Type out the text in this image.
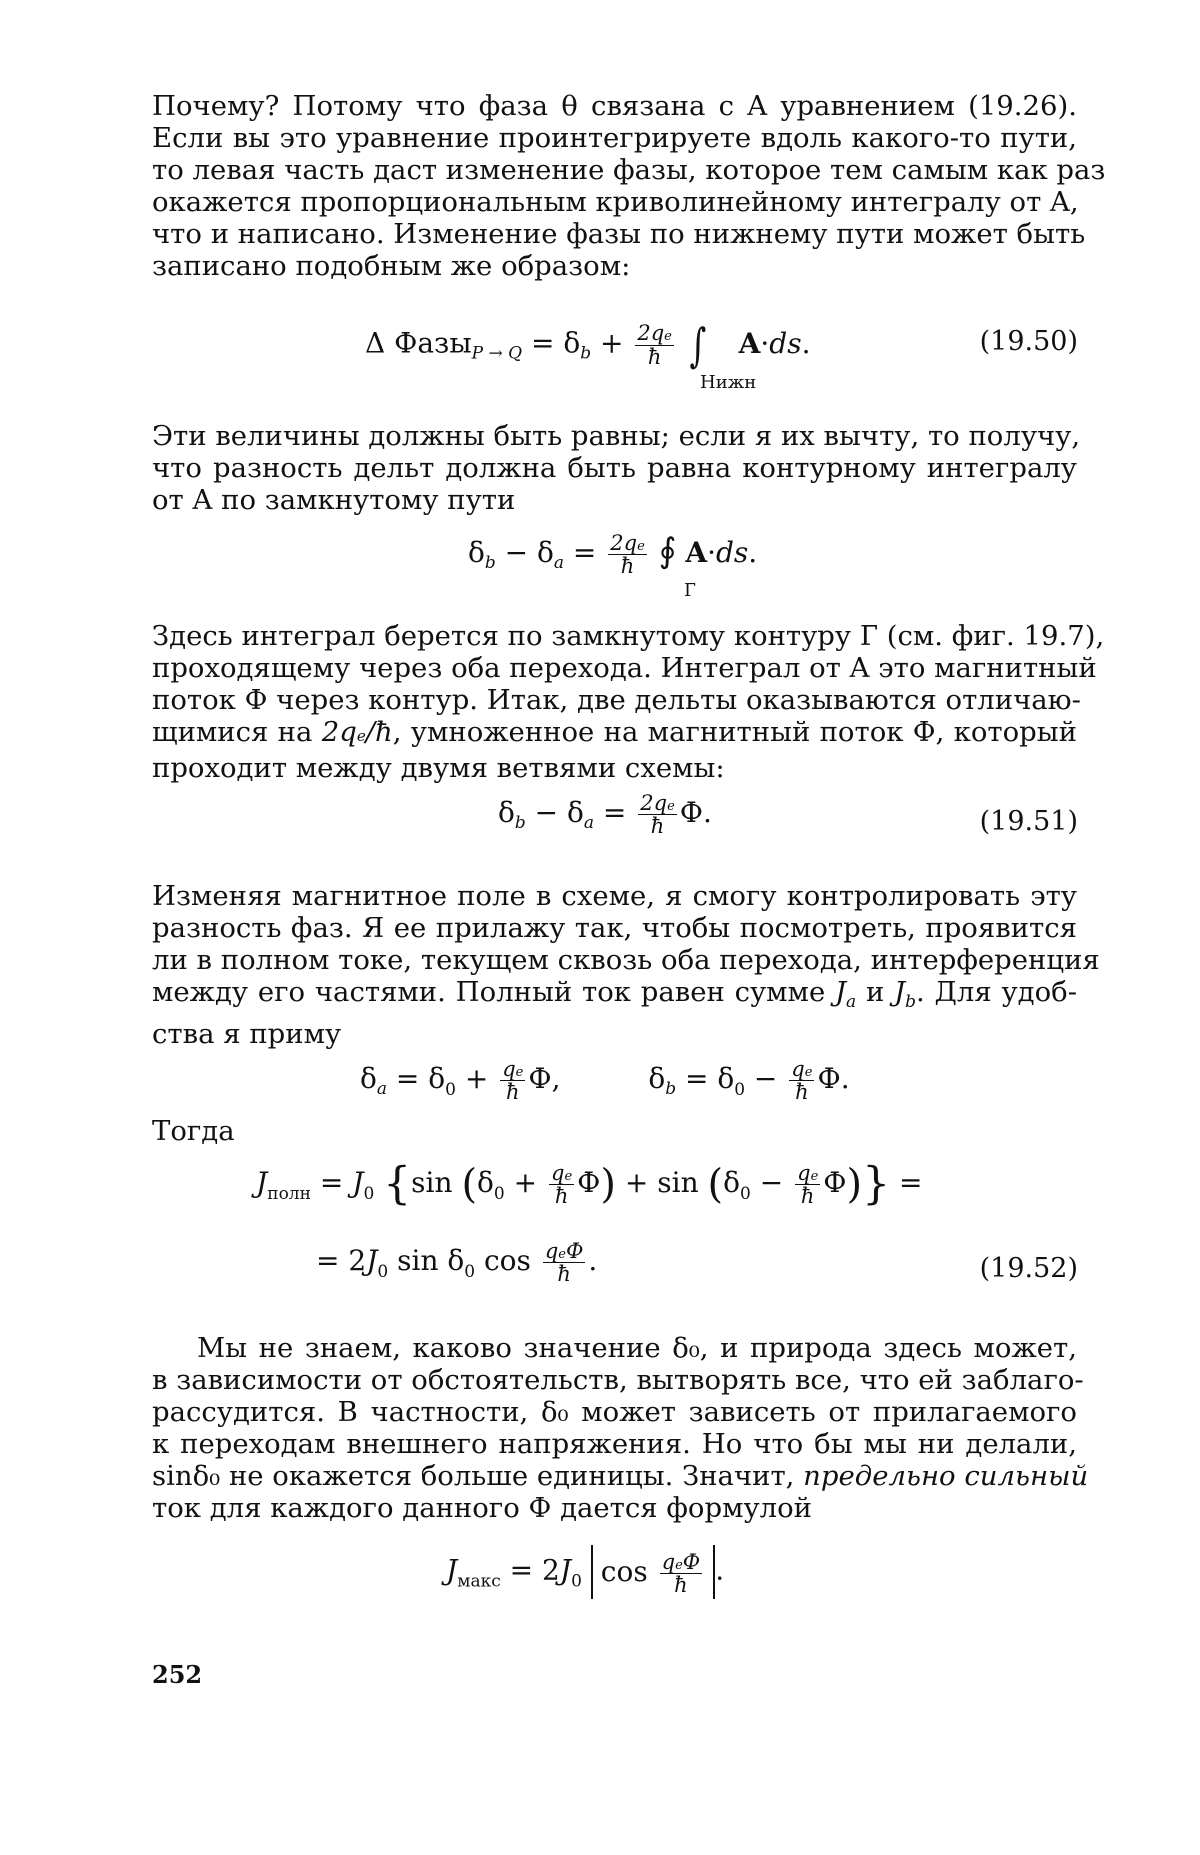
Почему? Потому что фаза θ связана с A уравнением (19.26).
Если вы это уравнение проинтегрируете вдоль какого-то пути,
то левая часть даст изменение фазы, которое тем самым как раз
окажется пропорциональным криволинейному интегралу от A,
что и написано. Изменение фазы по нижнему пути может быть
записано подобным же образом:
Δ Фазы$_{P \to Q}$ = $\delta_b + \frac{2qe}{ħ}$ ∫ A·ds.
Нижн
(19.50)
Эти величины должны быть равны; если я их вычту, то получу,
что разность дельт должна быть равна контурному интегралу
от A по замкнутому пути
$\delta_b - \delta_a = \frac{2qe}{ħ}$ ∮ A·ds.
Г
Здесь интеграл берется по замкнутому контуру Г (см. фиг. 19.7),
проходящему через оба перехода. Интеграл от A это магнитный
поток Ф через контур. Итак, две дельты оказываются отличаю-
щимися на 2qe/ħ, умноженное на магнитный поток Ф, который
проходит между двумя ветвями схемы:
$\delta_b - \delta_a = \frac{2qe}{ħ} Ф$.	(19.51)
Изменяя магнитное поле в схеме, я смогу контролировать эту
разность фаз. Я ее прилажу так, чтобы посмотреть, проявится
ли в полном токе, текущем сквозь оба перехода, интерференция
между его частями. Полный ток равен сумме $J_a$ и $J_b$. Для удоб-
ства я приму
$\delta_a = \delta_0 + \frac{qe}{ħ} Ф$,	$\delta_b = \delta_0 - \frac{qe}{ħ} Ф$.
Тогда
$J_{полн} = J_0$ {sin $(\delta_0 + \frac{qe}{ħ} Ф) + \sin (\delta_0 - \frac{qe}{ħ} Ф)$} =
= $2J_0$ $\sin \delta_0$ $\cos \frac{\text{qeФ}}{ħ}$ .	(19.52)
Мы не знаем, каково значение δ₀, и природа здесь может,
в зависимости от обстоятельств, вытворять все, что ей заблаго-
рассудится. В частности, δ₀ может зависеть от прилагаемого
к переходам внешнего напряжения. Но что бы мы ни делали,
sinδ₀ не окажется больше единицы. Значит, предельно сильный
ток для каждого данного Ф дается формулой
$J_{макс} = 2J_0$ $\cos \frac{\text{qeФ}}{ħ}$ .
252
